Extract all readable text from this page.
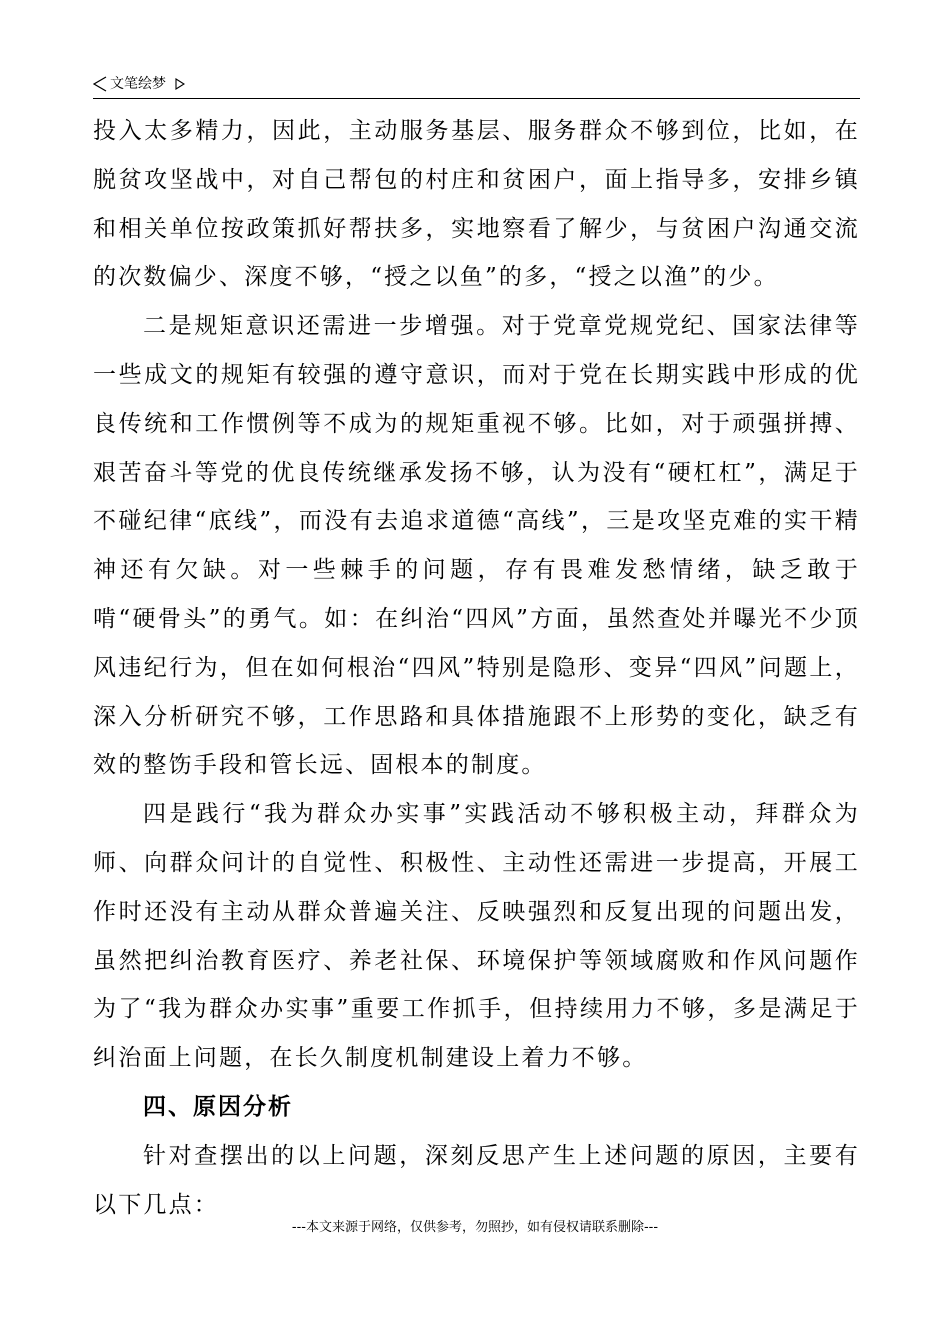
文笔绘梦

投入太多精力，因此，主动服务基层、服务群众不够到位，比如，在脱贫攻坚战中，对自己帮包的村庄和贫困户，面上指导多，安排乡镇和相关单位按政策抓好帮扶多，实地察看了解少，与贫困户沟通交流的次数偏少、深度不够，“授之以鱼”的多，“授之以渔”的少。

二是规矩意识还需进一步增强。对于党章党规党纪、国家法律等一些成文的规矩有较强的遵守意识，而对于党在长期实践中形成的优良传统和工作惯例等不成为的规矩重视不够。比如，对于顽强拼搏、艰苦奋斗等党的优良传统继承发扬不够，认为没有“硬杠杠”，满足于不碰纪律“底线”，而没有去追求道德“高线”，三是攻坚克难的实干精神还有欠缺。对一些棘手的问题，存有畏难发愁情绪，缺乏敢于啃“硬骨头”的勇气。如：在纠治“四风”方面，虽然查处并曝光不少顶风违纪行为，但在如何根治“四风”特别是隐形、变异“四风”问题上，深入分析研究不够，工作思路和具体措施跟不上形势的变化，缺乏有效的整饬手段和管长远、固根本的制度。

四是践行“我为群众办实事”实践活动不够积极主动，拜群众为师、向群众问计的自觉性、积极性、主动性还需进一步提高，开展工作时还没有主动从群众普遍关注、反映强烈和反复出现的问题出发，虽然把纠治教育医疗、养老社保、环境保护等领域腐败和作风问题作为了“我为群众办实事”重要工作抓手，但持续用力不够，多是满足于纠治面上问题，在长久制度机制建设上着力不够。

四、原因分析

针对查摆出的以上问题，深刻反思产生上述问题的原因，主要有以下几点：

---本文来源于网络，仅供参考，勿照抄，如有侵权请联系删除---
